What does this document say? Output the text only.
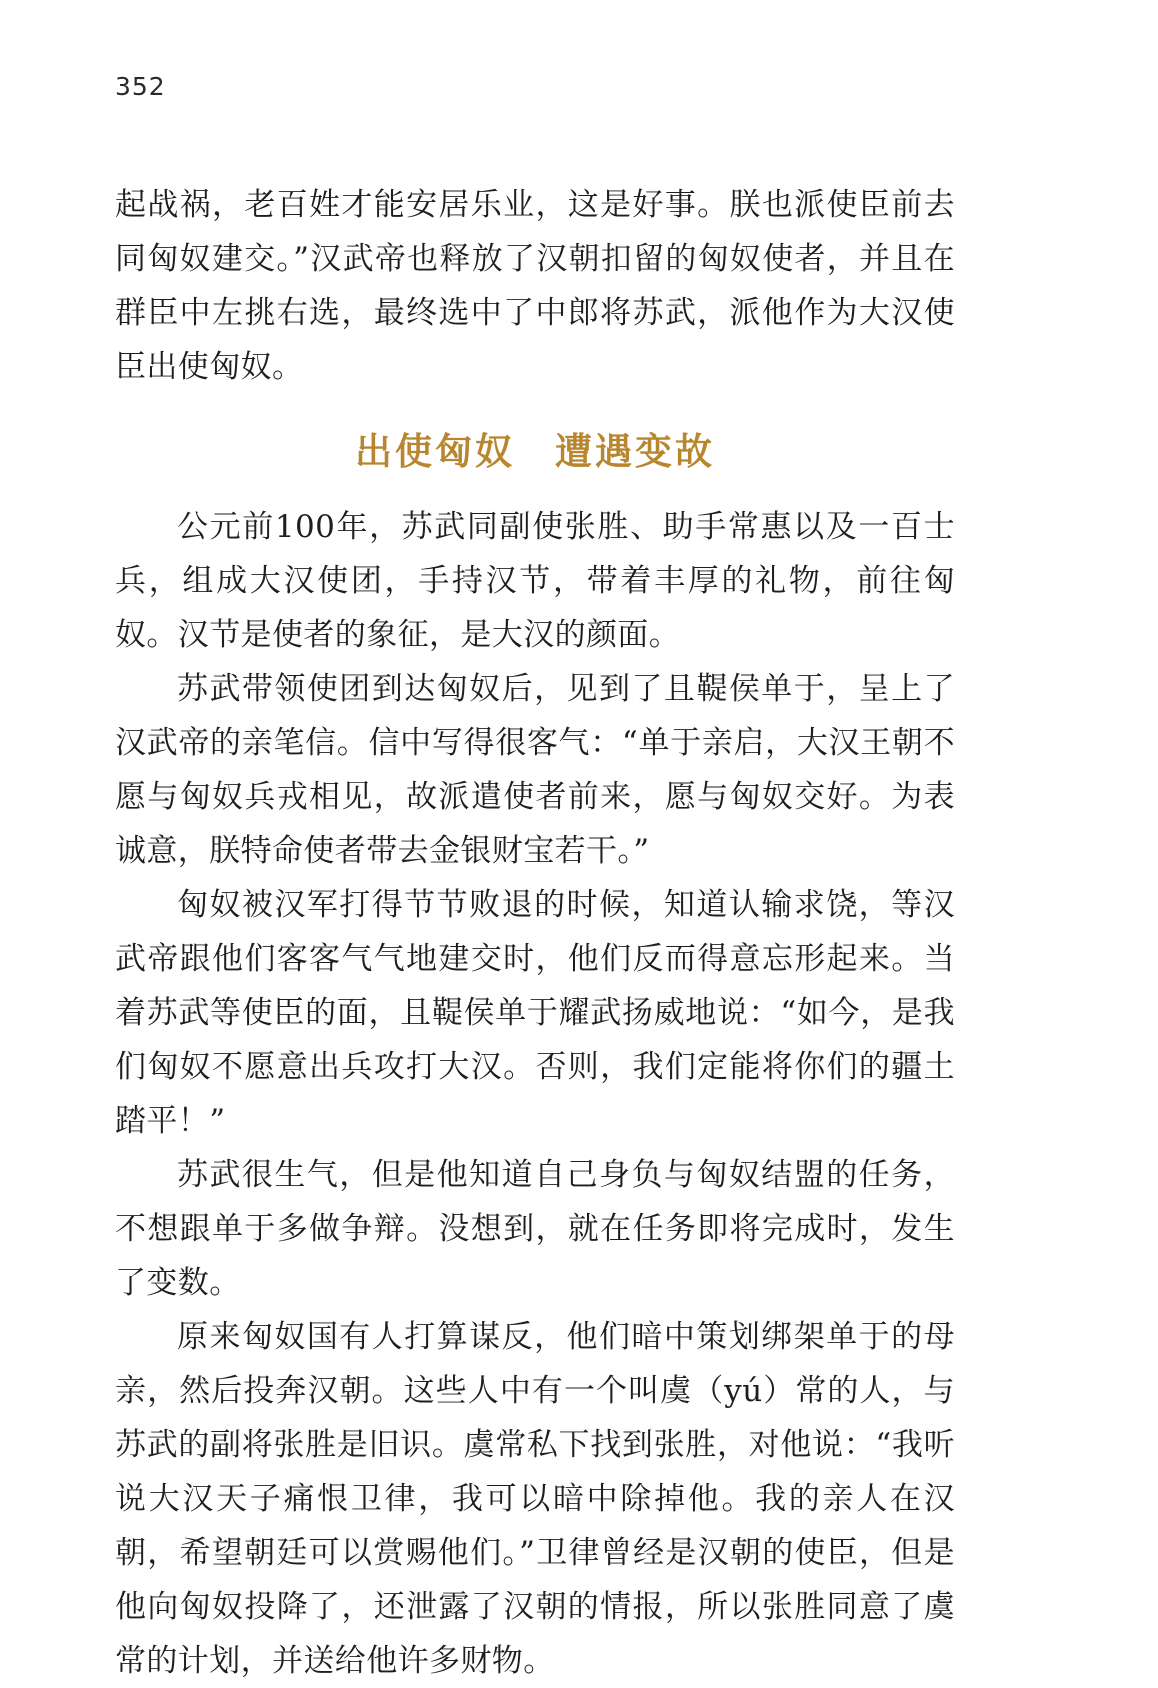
352

起战祸，老百姓才能安居乐业，这是好事。朕也派使臣前去同匈奴建交。”汉武帝也释放了汉朝扣留的匈奴使者，并且在群臣中左挑右选，最终选中了中郎将苏武，派他作为大汉使臣出使匈奴。

出使匈奴 遭遇变故

公元前100年，苏武同副使张胜、助手常惠以及一百士兵，组成大汉使团，手持汉节，带着丰厚的礼物，前往匈奴。汉节是使者的象征，是大汉的颜面。

苏武带领使团到达匈奴后，见到了且鞮侯单于，呈上了汉武帝的亲笔信。信中写得很客气：“单于亲启，大汉王朝不愿与匈奴兵戎相见，故派遣使者前来，愿与匈奴交好。为表诚意，朕特命使者带去金银财宝若干。”

匈奴被汉军打得节节败退的时候，知道认输求饶，等汉武帝跟他们客客气气地建交时，他们反而得意忘形起来。当着苏武等使臣的面，且鞮侯单于耀武扬威地说：“如今，是我们匈奴不愿意出兵攻打大汉。否则，我们定能将你们的疆土踏平！”

苏武很生气，但是他知道自己身负与匈奴结盟的任务，不想跟单于多做争辩。没想到，就在任务即将完成时，发生了变数。

原来匈奴国有人打算谋反，他们暗中策划绑架单于的母亲，然后投奔汉朝。这些人中有一个叫虞（yú）常的人，与苏武的副将张胜是旧识。虞常私下找到张胜，对他说：“我听说大汉天子痛恨卫律，我可以暗中除掉他。我的亲人在汉朝，希望朝廷可以赏赐他们。”卫律曾经是汉朝的使臣，但是他向匈奴投降了，还泄露了汉朝的情报，所以张胜同意了虞常的计划，并送给他许多财物。
